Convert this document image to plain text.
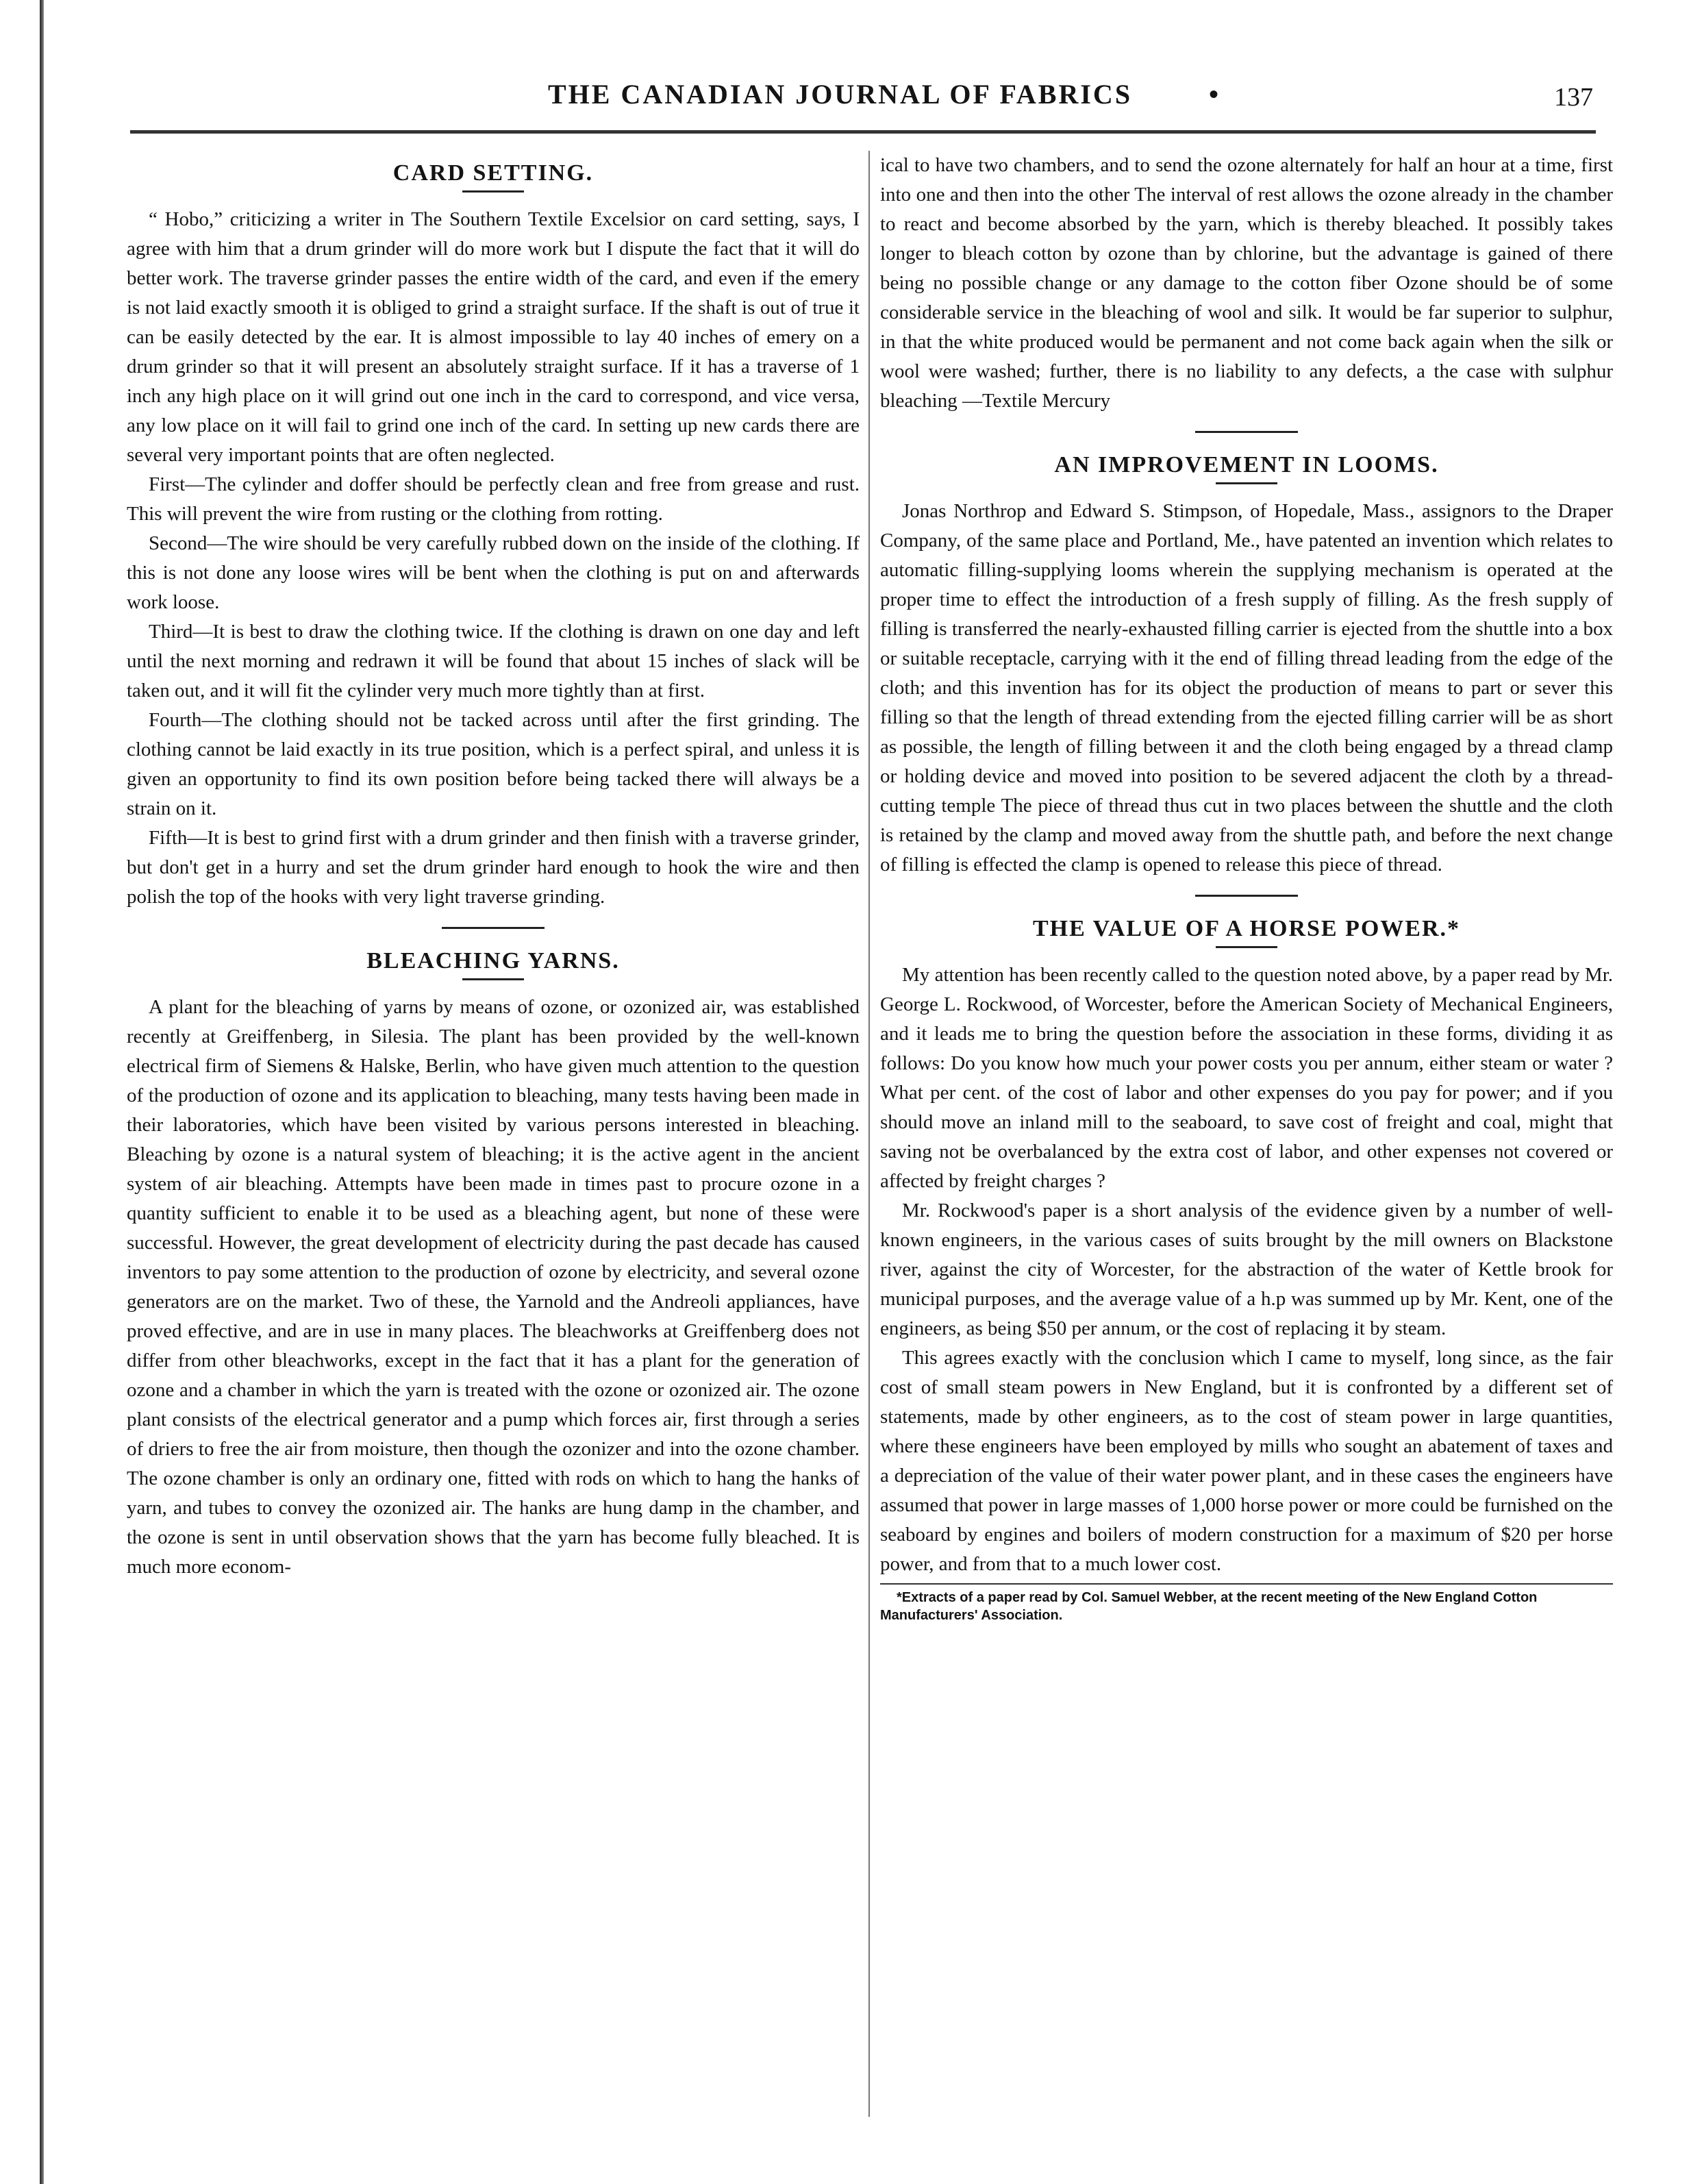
THE CANADIAN JOURNAL OF FABRICS	•	137
CARD SETTING.

“ Hobo,” criticizing a writer in The Southern Textile Excelsior on card setting, says, I agree with him that a drum grinder will do more work but I dispute the fact that it will do better work. The traverse grinder passes the entire width of the card, and even if the emery is not laid exactly smooth it is obliged to grind a straight surface. If the shaft is out of true it can be easily detected by the ear. It is almost impossible to lay 40 inches of emery on a drum grinder so that it will present an absolutely straight surface. If it has a traverse of 1 inch any high place on it will grind out one inch in the card to correspond, and vice versa, any low place on it will fail to grind one inch of the card. In setting up new cards there are several very important points that are often neglected.

First—The cylinder and doffer should be perfectly clean and free from grease and rust. This will prevent the wire from rusting or the clothing from rotting.

Second—The wire should be very carefully rubbed down on the inside of the clothing. If this is not done any loose wires will be bent when the clothing is put on and afterwards work loose.

Third—It is best to draw the clothing twice. If the clothing is drawn on one day and left until the next morning and redrawn it will be found that about 15 inches of slack will be taken out, and it will fit the cylinder very much more tightly than at first.

Fourth—The clothing should not be tacked across until after the first grinding. The clothing cannot be laid exactly in its true position, which is a perfect spiral, and unless it is given an opportunity to find its own position before being tacked there will always be a strain on it.

Fifth—It is best to grind first with a drum grinder and then finish with a traverse grinder, but don't get in a hurry and set the drum grinder hard enough to hook the wire and then polish the top of the hooks with very light traverse grinding.

BLEACHING YARNS.

A plant for the bleaching of yarns by means of ozone, or ozonized air, was established recently at Greiffenberg, in Silesia. The plant has been provided by the well-known electrical firm of Siemens & Halske, Berlin, who have given much attention to the question of the production of ozone and its application to bleaching, many tests having been made in their laboratories, which have been visited by various persons interested in bleaching. Bleaching by ozone is a natural system of bleaching; it is the active agent in the ancient system of air bleaching. Attempts have been made in times past to procure ozone in a quantity sufficient to enable it to be used as a bleaching agent, but none of these were successful. However, the great development of electricity during the past decade has caused inventors to pay some attention to the production of ozone by electricity, and several ozone generators are on the market. Two of these, the Yarnold and the Andreoli appliances, have proved effective, and are in use in many places. The bleachworks at Greiffenberg does not differ from other bleachworks, except in the fact that it has a plant for the generation of ozone and a chamber in which the yarn is treated with the ozone or ozonized air. The ozone plant consists of the electrical generator and a pump which forces air, first through a series of driers to free the air from moisture, then though the ozonizer and into the ozone chamber. The ozone chamber is only an ordinary one, fitted with rods on which to hang the hanks of yarn, and tubes to convey the ozonized air. The hanks are hung damp in the chamber, and the ozone is sent in until observation shows that the yarn has become fully bleached. It is much more econom-

ical to have two chambers, and to send the ozone alternately for half an hour at a time, first into one and then into the other The interval of rest allows the ozone already in the chamber to react and become absorbed by the yarn, which is thereby bleached. It possibly takes longer to bleach cotton by ozone than by chlorine, but the advantage is gained of there being no possible change or any damage to the cotton fiber Ozone should be of some considerable service in the bleaching of wool and silk. It would be far superior to sulphur, in that the white produced would be permanent and not come back again when the silk or wool were washed; further, there is no liability to any defects, a the case with sulphur bleaching —Textile Mercury

AN IMPROVEMENT IN LOOMS.

Jonas Northrop and Edward S. Stimpson, of Hopedale, Mass., assignors to the Draper Company, of the same place and Portland, Me., have patented an invention which relates to automatic filling-supplying looms wherein the supplying mechanism is operated at the proper time to effect the introduction of a fresh supply of filling. As the fresh supply of filling is transferred the nearly-exhausted filling carrier is ejected from the shuttle into a box or suitable receptacle, carrying with it the end of filling thread leading from the edge of the cloth; and this invention has for its object the production of means to part or sever this filling so that the length of thread extending from the ejected filling carrier will be as short as possible, the length of filling between it and the cloth being engaged by a thread clamp or holding device and moved into position to be severed adjacent the cloth by a thread-cutting temple The piece of thread thus cut in two places between the shuttle and the cloth is retained by the clamp and moved away from the shuttle path, and before the next change of filling is effected the clamp is opened to release this piece of thread.

THE VALUE OF A HORSE POWER.*

My attention has been recently called to the question noted above, by a paper read by Mr. George L. Rockwood, of Worcester, before the American Society of Mechanical Engineers, and it leads me to bring the question before the association in these forms, dividing it as follows: Do you know how much your power costs you per annum, either steam or water ? What per cent. of the cost of labor and other expenses do you pay for power; and if you should move an inland mill to the seaboard, to save cost of freight and coal, might that saving not be overbalanced by the extra cost of labor, and other expenses not covered or affected by freight charges ?

Mr. Rockwood's paper is a short analysis of the evidence given by a number of well-known engineers, in the various cases of suits brought by the mill owners on Blackstone river, against the city of Worcester, for the abstraction of the water of Kettle brook for municipal purposes, and the average value of a h.p was summed up by Mr. Kent, one of the engineers, as being $50 per annum, or the cost of replacing it by steam.

This agrees exactly with the conclusion which I came to myself, long since, as the fair cost of small steam powers in New England, but it is confronted by a different set of statements, made by other engineers, as to the cost of steam power in large quantities, where these engineers have been employed by mills who sought an abatement of taxes and a depreciation of the value of their water power plant, and in these cases the engineers have assumed that power in large masses of 1,000 horse power or more could be furnished on the seaboard by engines and boilers of modern construction for a maximum of $20 per horse power, and from that to a much lower cost.

*Extracts of a paper read by Col. Samuel Webber, at the recent meeting of the New England Cotton Manufacturers' Association.
